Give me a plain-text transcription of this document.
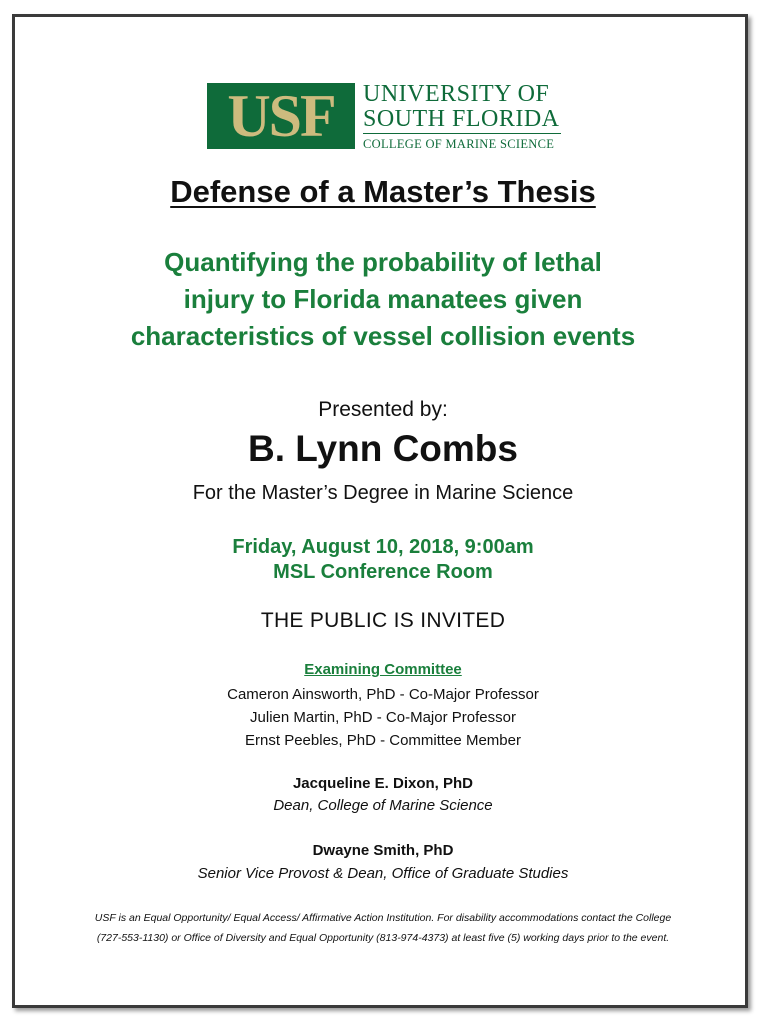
USF UNIVERSITY OF
SOUTH FLORIDA
COLLEGE OF MARINE SCIENCE
Defense of a Master’s Thesis
Quantifying the probability of lethal
injury to Florida manatees given
characteristics of vessel collision events
Presented by:
B. Lynn Combs
For the Master’s Degree in Marine Science
Friday, August 10, 2018, 9:00am
MSL Conference Room
THE PUBLIC IS INVITED
Examining Committee
Cameron Ainsworth, PhD - Co-Major Professor
Julien Martin, PhD - Co-Major Professor
Ernst Peebles, PhD - Committee Member
Jacqueline E. Dixon, PhD
Dean, College of Marine Science
Dwayne Smith, PhD
Senior Vice Provost & Dean, Office of Graduate Studies
USF is an Equal Opportunity/ Equal Access/ Affirmative Action Institution. For disability accommodations contact the College
(727-553-1130) or Office of Diversity and Equal Opportunity (813-974-4373) at least five (5) working days prior to the event.
